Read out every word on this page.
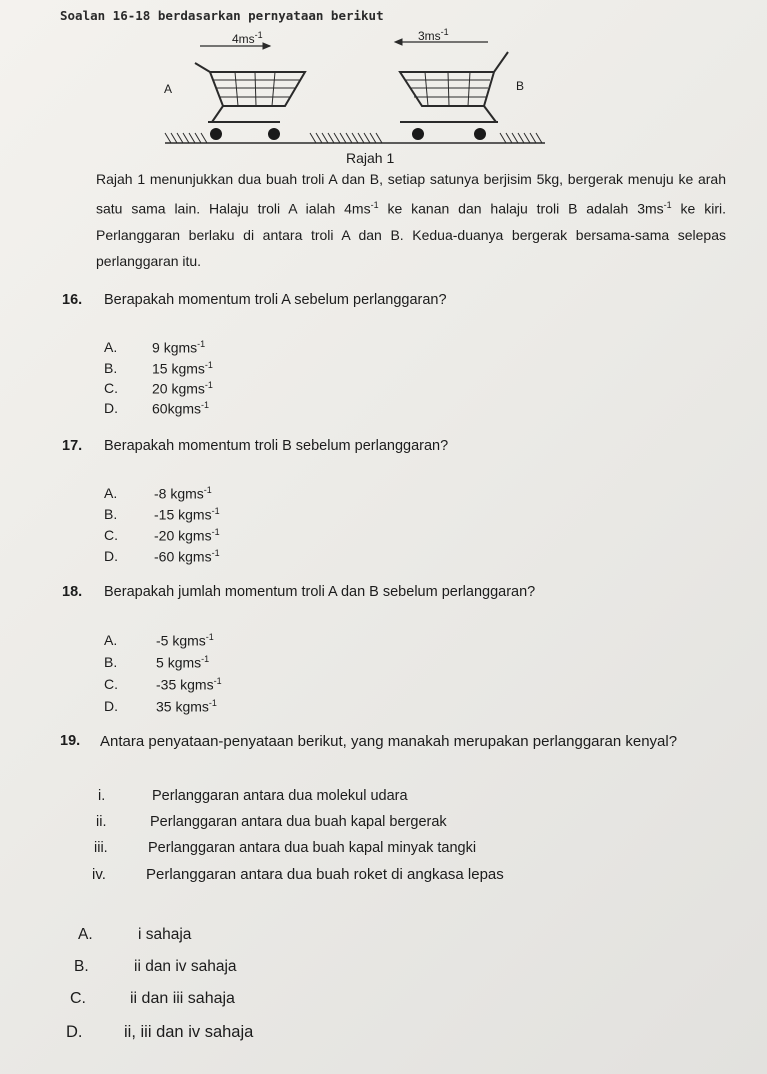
Soalan 16-18 berdasarkan pernyataan berikut
$4ms^{-1}$	$3ms^{-1}$
A	B
Rajah 1
Rajah 1 menunjukkan dua buah troli A dan B, setiap satunya berjisim 5kg, bergerak menuju ke arah satu sama lain. Halaju troli A ialah $4ms^{-1}$ ke kanan dan halaju troli B adalah $3ms^{-1}$ ke kiri. Perlanggaran berlaku di antara troli A dan B. Kedua-duanya bergerak bersama-sama selepas perlanggaran itu.
16. Berapakah momentum troli A sebelum perlanggaran?
A. 9 kgms$^{-1}$
B. 15 kgms$^{-1}$
C. 20 kgms$^{-1}$
D. 60kgms$^{-1}$
17. Berapakah momentum troli B sebelum perlanggaran?
A.	-8 kgms$^{-1}$
B.	-15 kgms$^{-1}$
C.	-20 kgms$^{-1}$
D.	-60 kgms$^{-1}$
18. Berapakah jumlah momentum troli A dan B sebelum perlanggaran?
A.	-5 kgms$^{-1}$
B.	5 kgms$^{-1}$
C.	-35 kgms$^{-1}$
D.	35 kgms$^{-1}$
19. Antara penyataan-penyataan berikut, yang manakah merupakan perlanggaran kenyal?
i.	Perlanggaran antara dua molekul udara
ii.	Perlanggaran antara dua buah kapal bergerak
iii.	Perlanggaran antara dua buah kapal minyak tangki
iv.	Perlanggaran antara dua buah roket di angkasa lepas
A.	i sahaja
B.	ii dan iv sahaja
C.	ii dan iii sahaja
D.	ii, iii dan iv sahaja
